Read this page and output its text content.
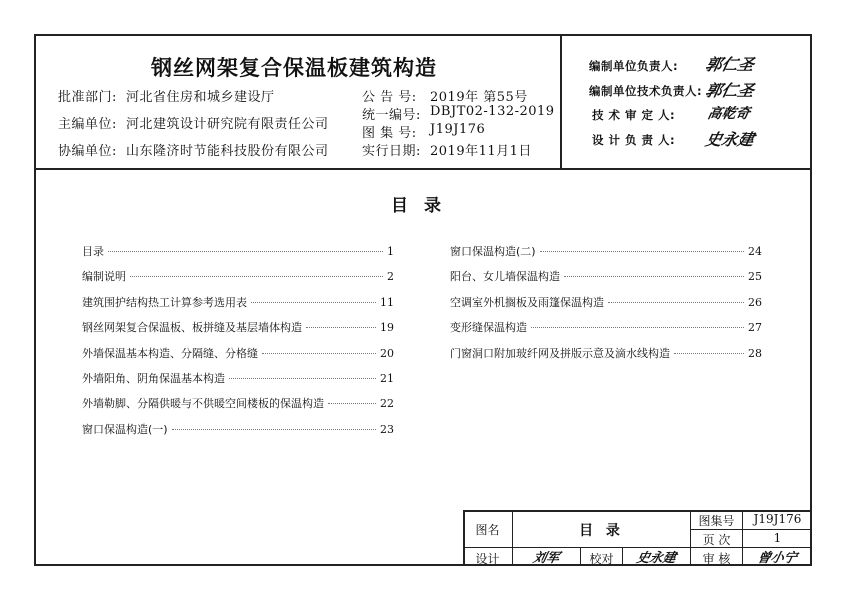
钢丝网架复合保温板建筑构造
批准部门: 河北省住房和城乡建设厅
主编单位: 河北建筑设计研究院有限责任公司
协编单位: 山东隆济时节能科技股份有限公司
公 告 号: 2019年 第55号
统一编号: DBJT02-132-2019
图 集 号: J19J176
实行日期: 2019年11月1日
编制单位负责人: 郭仁圣
编制单位技术负责人: 郭仁圣
技 术 审 定 人: 高乾奇
设 计 负 责 人: 史永建
目录
目录	1
编制说明	2
建筑围护结构热工计算参考选用表	11
钢丝网架复合保温板、板拼缝及基层墙体构造	19
外墙保温基本构造、分隔缝、分格缝	20
外墙阳角、阴角保温基本构造	21
外墙勒脚、分隔供暖与不供暖空间楼板的保温构造	22
窗口保温构造(一)	23
窗口保温构造(二)	24
阳台、女儿墙保温构造	25
空调室外机搁板及雨篷保温构造	26
变形缝保温构造	27
门窗洞口附加玻纤网及拼版示意及滴水线构造	28
图名	目 录
图集号	J19J176
页 次	1
设计	刘军	校对	史永建	审 核	曾小宁
